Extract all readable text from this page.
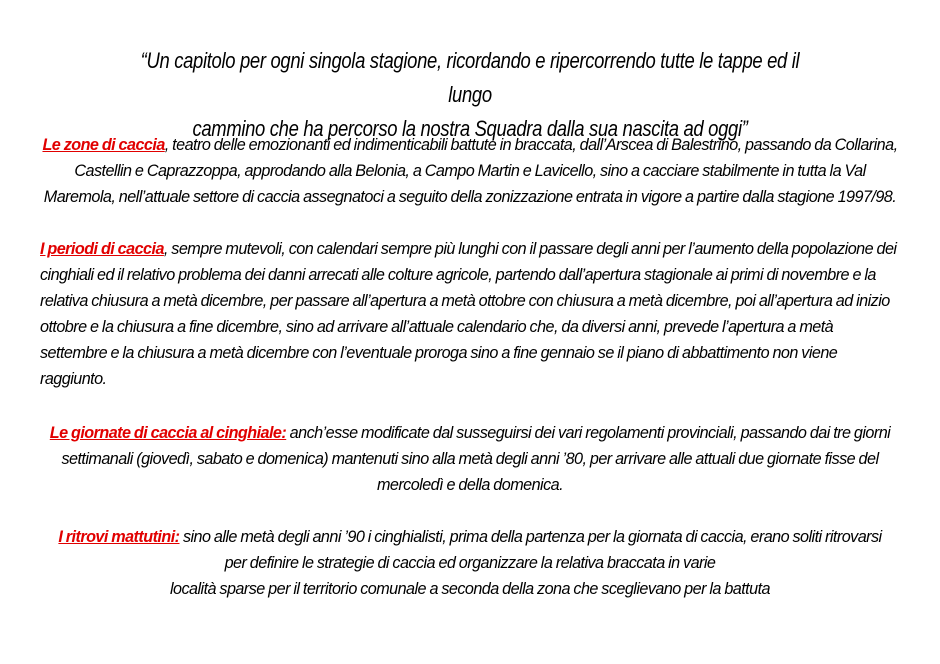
“Un capitolo per ogni singola stagione, ricordando e ripercorrendo tutte le tappe ed il lungo
cammino che ha percorso la nostra Squadra dalla sua nascita ad oggi”

Le zone di caccia, teatro delle emozionanti ed indimenticabili battute in braccata, dall’Arscea di Balestrino, passando da Collarina, Castellin e Caprazzoppa, approdando alla Belonia, a Campo Martin e Lavicello, sino a cacciare stabilmente in tutta la Val Maremola, nell’attuale settore di caccia assegnatoci a seguito della zonizzazione entrata in vigore a partire dalla stagione 1997/98.

I periodi di caccia, sempre mutevoli, con calendari sempre più lunghi con il passare degli anni per l’aumento della popolazione dei cinghiali ed il relativo problema dei danni arrecati alle colture agricole, partendo dall’apertura stagionale ai primi di novembre e la relativa chiusura a metà dicembre, per passare all’apertura a metà ottobre con chiusura a metà dicembre, poi all’apertura ad inizio ottobre e la chiusura a fine dicembre, sino ad arrivare all’attuale calendario che, da diversi anni, prevede l’apertura a metà settembre e la chiusura a metà dicembre con l’eventuale proroga sino a fine gennaio se il piano di abbattimento non viene raggiunto.

Le giornate di caccia al cinghiale: anch’esse modificate dal susseguirsi dei vari regolamenti provinciali, passando dai tre giorni settimanali (giovedì, sabato e domenica) mantenuti sino alla metà degli anni ’80, per arrivare alle attuali due giornate fisse del mercoledì e della domenica.

I ritrovi mattutini: sino alle metà degli anni ’90 i cinghialisti, prima della partenza per la giornata di caccia, erano soliti ritrovarsi
per definire le strategie di caccia ed organizzare la relativa braccata in varie
località sparse per il territorio comunale a seconda della zona che sceglievano per la battuta
